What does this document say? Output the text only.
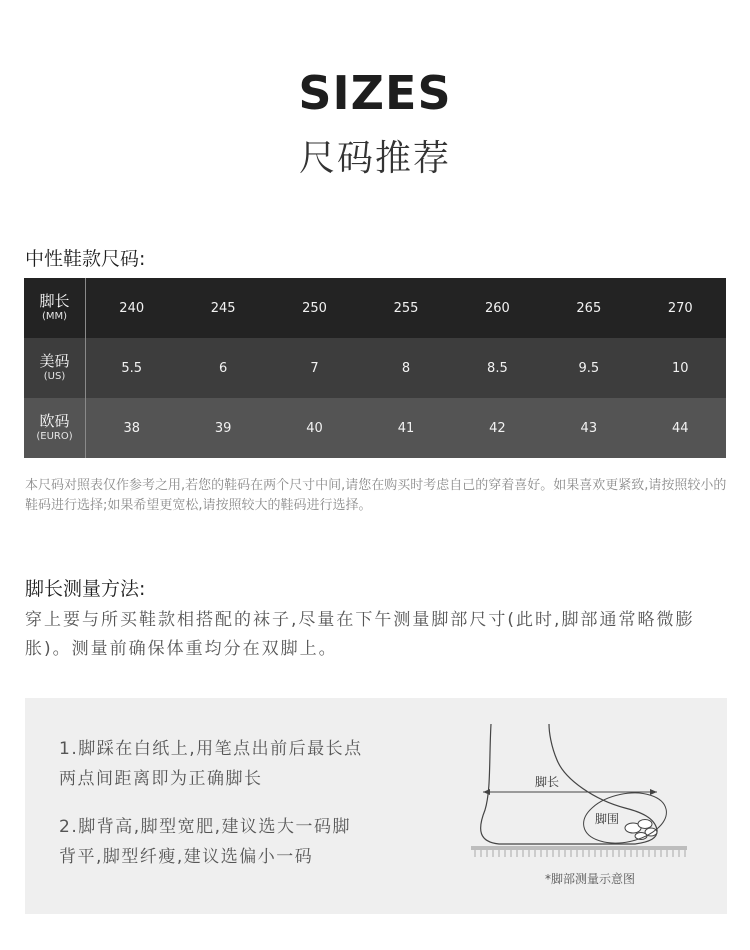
SIZES
尺码推荐
中性鞋款尺码:
脚长
(MM)
240	245	250	255	260	265	270
美码
(US)
5.5	6	7	8	8.5	9.5	10
欧码
(EURO)
38	39	40	41	42	43	44
本尺码对照表仅作参考之用,若您的鞋码在两个尺寸中间,请您在购买时考虑自己的穿着喜好。如果喜欢更紧致,请按照较小的鞋码进行选择;如果希望更宽松,请按照较大的鞋码进行选择。
脚长测量方法:
穿上要与所买鞋款相搭配的袜子,尽量在下午测量脚部尺寸(此时,脚部通常略微膨胀)。测量前确保体重均分在双脚上。
1.脚踩在白纸上,用笔点出前后最长点
两点间距离即为正确脚长
2.脚背高,脚型宽肥,建议选大一码脚
背平,脚型纤瘦,建议选偏小一码
脚长
脚围
*脚部测量示意图
